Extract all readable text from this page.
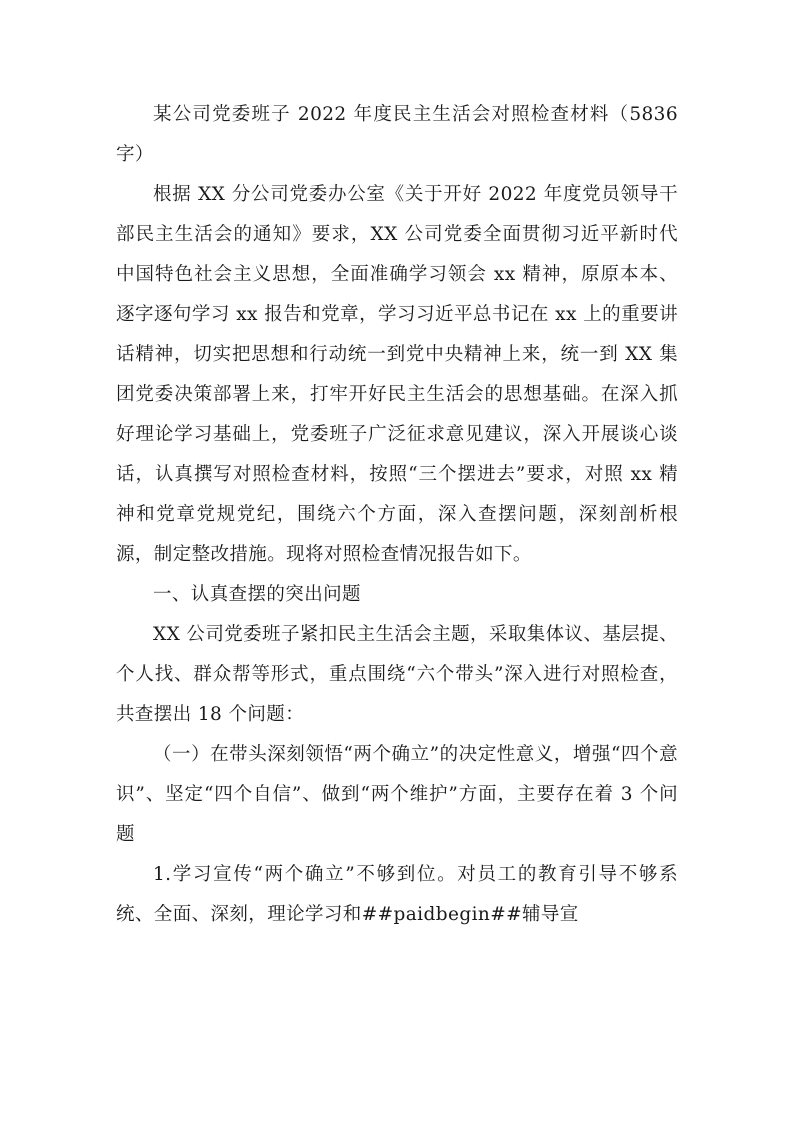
某公司党委班子 2022 年度民主生活会对照检查材料（5836 字）

根据 XX 分公司党委办公室《关于开好 2022 年度党员领导干部民主生活会的通知》要求，XX 公司党委全面贯彻习近平新时代中国特色社会主义思想，全面准确学习领会 xx 精神，原原本本、逐字逐句学习 xx 报告和党章，学习习近平总书记在 xx 上的重要讲话精神，切实把思想和行动统一到党中央精神上来，统一到 XX 集团党委决策部署上来，打牢开好民主生活会的思想基础。在深入抓好理论学习基础上，党委班子广泛征求意见建议，深入开展谈心谈话，认真撰写对照检查材料，按照“三个摆进去”要求，对照 xx 精神和党章党规党纪，围绕六个方面，深入查摆问题，深刻剖析根源，制定整改措施。现将对照检查情况报告如下。

一、认真查摆的突出问题

XX 公司党委班子紧扣民主生活会主题，采取集体议、基层提、个人找、群众帮等形式，重点围绕“六个带头”深入进行对照检查，共查摆出 18 个问题：

（一）在带头深刻领悟“两个确立”的决定性意义，增强“四个意识”、坚定“四个自信”、做到“两个维护”方面，主要存在着 3 个问题

1.学习宣传“两个确立”不够到位。对员工的教育引导不够系统、全面、深刻，理论学习和##paidbegin##辅导宣
